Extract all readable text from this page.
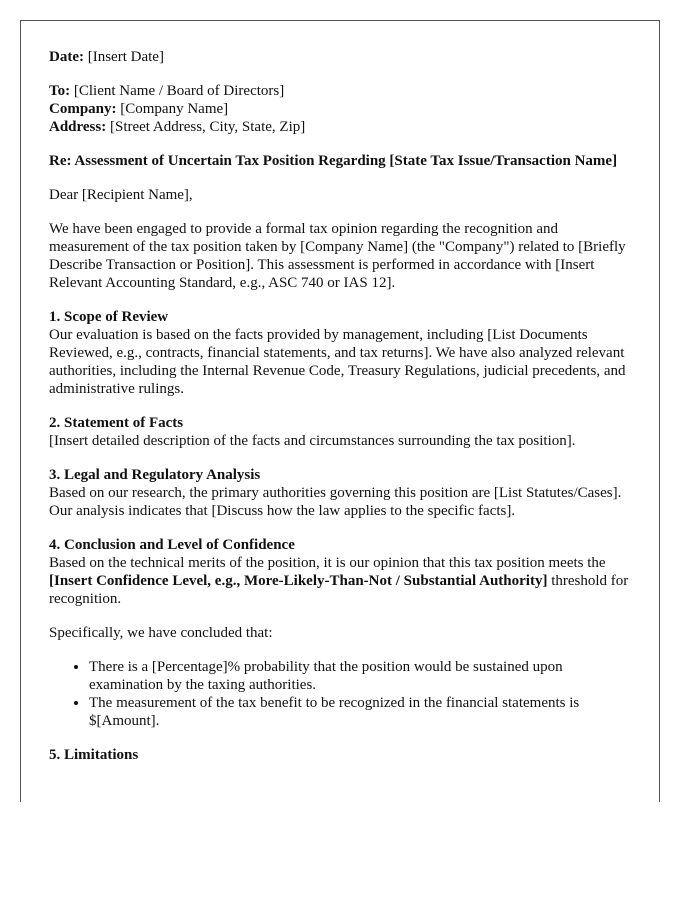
Date: [Insert Date]

To: [Client Name / Board of Directors]
Company: [Company Name]
Address: [Street Address, City, State, Zip]

Re: Assessment of Uncertain Tax Position Regarding [State Tax Issue/Transaction Name]

Dear [Recipient Name],

We have been engaged to provide a formal tax opinion regarding the recognition and measurement of the tax position taken by [Company Name] (the "Company") related to [Briefly Describe Transaction or Position]. This assessment is performed in accordance with [Insert Relevant Accounting Standard, e.g., ASC 740 or IAS 12].

1. Scope of Review
Our evaluation is based on the facts provided by management, including [List Documents Reviewed, e.g., contracts, financial statements, and tax returns]. We have also analyzed relevant authorities, including the Internal Revenue Code, Treasury Regulations, judicial precedents, and administrative rulings.

2. Statement of Facts
[Insert detailed description of the facts and circumstances surrounding the tax position].

3. Legal and Regulatory Analysis
Based on our research, the primary authorities governing this position are [List Statutes/Cases]. Our analysis indicates that [Discuss how the law applies to the specific facts].

4. Conclusion and Level of Confidence
Based on the technical merits of the position, it is our opinion that this tax position meets the [Insert Confidence Level, e.g., More-Likely-Than-Not / Substantial Authority] threshold for recognition.

Specifically, we have concluded that:

• There is a [Percentage]% probability that the position would be sustained upon examination by the taxing authorities.
• The measurement of the tax benefit to be recognized in the financial statements is $[Amount].

5. Limitations
